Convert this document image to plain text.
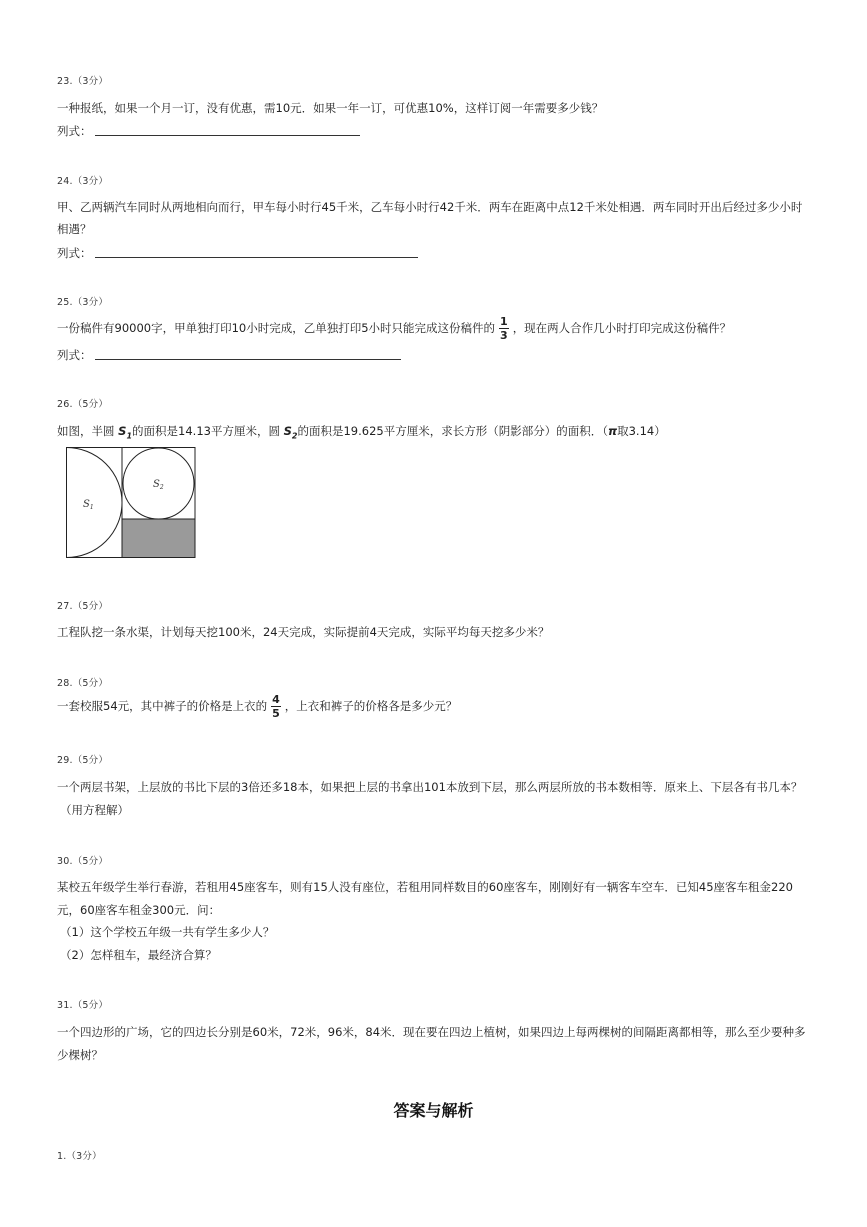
23.（3分）
一种报纸，如果一个月一订，没有优惠，需10元．如果一年一订，可优惠10%，这样订阅一年需要多少钱？
列式：
24.（3分）
甲、乙两辆汽车同时从两地相向而行，甲车每小时行45千米，乙车每小时行42千米．两车在距离中点12千米处相遇．两车同时开出后经过多少小时
相遇？
列式：
25.（3分）
一份稿件有90000字，甲单独打印10小时完成，乙单独打印5小时只能完成这份稿件的 $\frac{1}{3}$ ，现在两人合作几小时打印完成这份稿件？
列式：
26.（5分）
如图，半圆 $S_1$的面积是14.13平方厘米，圆 $S_2$的面积是19.625平方厘米，求长方形（阴影部分）的面积．（π取3.14）
$S_1$
$S_2$
27.（5分）
工程队挖一条水渠，计划每天挖100米，24天完成，实际提前4天完成，实际平均每天挖多少米？
28.（5分）
一套校服54元，其中裤子的价格是上衣的 $\frac{4}{5}$ ，上衣和裤子的价格各是多少元？
29.（5分）
一个两层书架，上层放的书比下层的3倍还多18本，如果把上层的书拿出101本放到下层，那么两层所放的书本数相等．原来上、下层各有书几本？
（用方程解）
30.（5分）
某校五年级学生举行春游，若租用45座客车，则有15人没有座位，若租用同样数目的60座客车，刚刚好有一辆客车空车．已知45座客车租金220
元，60座客车租金300元．问：
（1）这个学校五年级一共有学生多少人？
（2）怎样租车，最经济合算？
31.（5分）
一个四边形的广场，它的四边长分别是60米，72米，96米，84米．现在要在四边上植树，如果四边上每两棵树的间隔距离都相等，那么至少要种多
少棵树？
答案与解析
1.（3分）
